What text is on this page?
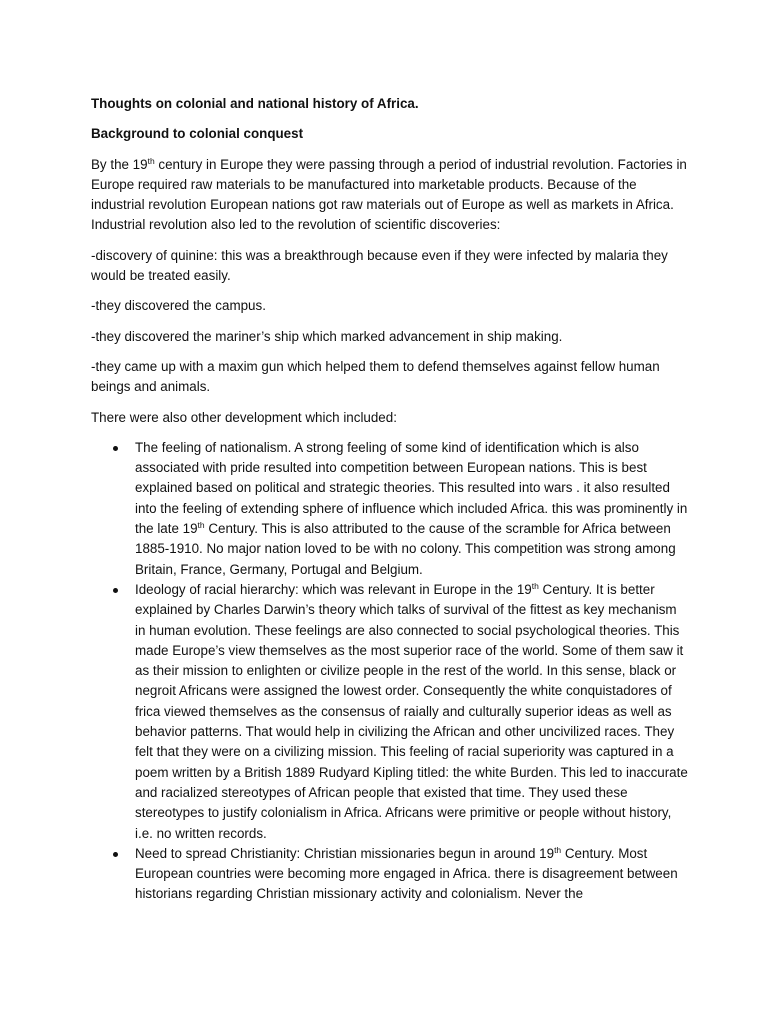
Thoughts on colonial and national history of Africa.

Background to colonial conquest

By the 19th century in Europe they were passing through a period of industrial revolution. Factories in Europe required raw materials to be manufactured into marketable products. Because of the industrial revolution European nations got raw materials out of Europe as well as markets in Africa. Industrial revolution also led to the revolution of scientific discoveries:

-discovery of quinine: this was a breakthrough because even if they were infected by malaria they would be treated easily.

-they discovered the campus.

-they discovered the mariner’s ship which marked advancement in ship making.

-they came up with a maxim gun which helped them to defend themselves against fellow human beings and animals.

There were also other development which included:

The feeling of nationalism. A strong feeling of some kind of identification which is also associated with pride resulted into competition between European nations. This is best explained based on political and strategic theories. This resulted into wars . it also resulted into the feeling of extending sphere of influence which included Africa. this was prominently in the late 19th Century. This is also attributed to the cause of the scramble for Africa between 1885-1910. No major nation loved to be with no colony. This competition was strong among Britain, France, Germany, Portugal and Belgium.
Ideology of racial hierarchy: which was relevant in Europe in the 19th Century. It is better explained by Charles Darwin’s theory which talks of survival of the fittest as key mechanism in human evolution. These feelings are also connected to social psychological theories. This made Europe’s view themselves as the most superior race of the world. Some of them saw it as their mission to enlighten or civilize people in the rest of the world. In this sense, black or negroit Africans were assigned the lowest order. Consequently the white conquistadores of frica viewed themselves as the consensus of raially and culturally superior ideas as well as behavior patterns. That would help in civilizing the African and other uncivilized races. They felt that they were on a civilizing mission. This feeling of racial superiority was captured in a poem written by a British 1889 Rudyard Kipling titled: the white Burden. This led to inaccurate and racialized stereotypes of African people that existed that time. They used these stereotypes to justify colonialism in Africa. Africans were primitive or people without history, i.e. no written records.
Need to spread Christianity: Christian missionaries begun in around 19th Century. Most European countries were becoming more engaged in Africa. there is disagreement between historians regarding Christian missionary activity and colonialism. Never the
